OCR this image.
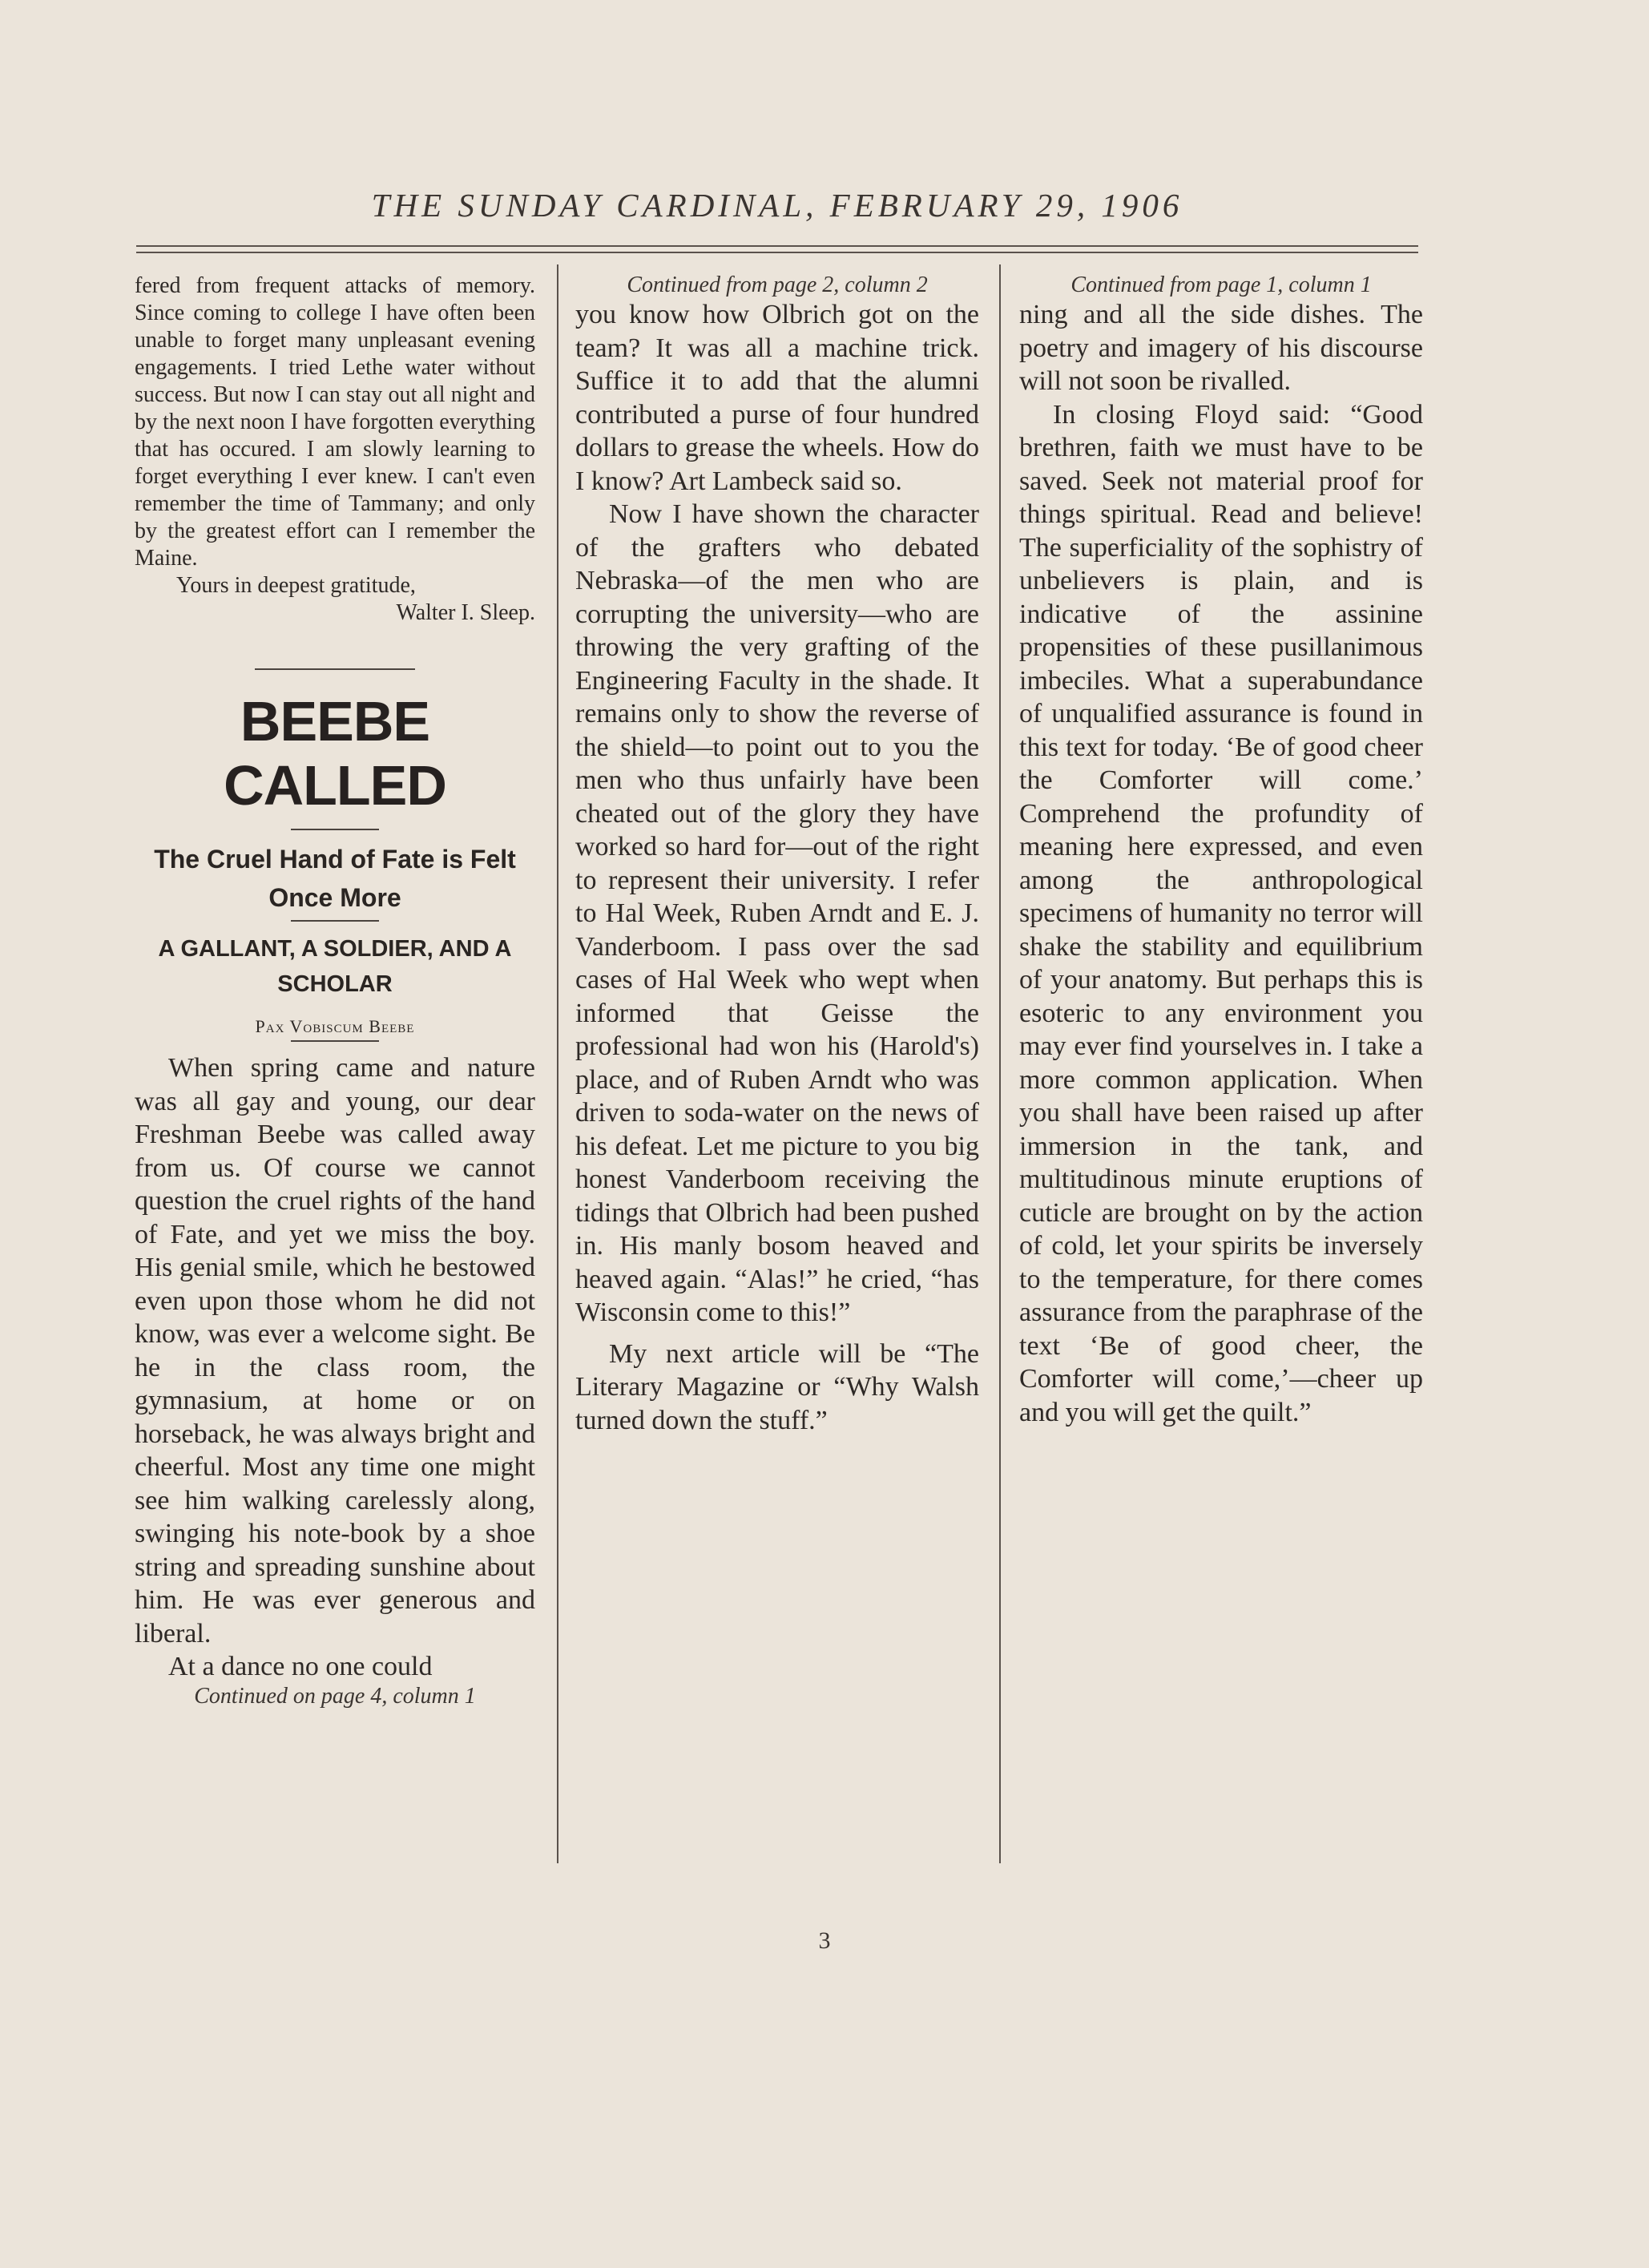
THE SUNDAY CARDINAL, FEBRUARY 29, 1906

fered from frequent attacks of memory. Since coming to college I have often been unable to forget many unpleasant evening engagements. I tried Lethe water without success. But now I can stay out all night and by the next noon I have forgotten everything that has occured. I am slowly learning to forget everything I ever knew. I can't even remember the time of Tammany; and only by the greatest effort can I remember the Maine.

Yours in deepest gratitude,

Walter I. Sleep.

BEEBE CALLED
The Cruel Hand of Fate is Felt Once More
A GALLANT, A SOLDIER, AND A SCHOLAR
Pax Vobiscum Beebe

When spring came and nature was all gay and young, our dear Freshman Beebe was called away from us. Of course we cannot question the cruel rights of the hand of Fate, and yet we miss the boy. His genial smile, which he bestowed even upon those whom he did not know, was ever a welcome sight. Be he in the class room, the gymnasium, at home or on horseback, he was always bright and cheerful. Most any time one might see him walking carelessly along, swinging his note-book by a shoe string and spreading sunshine about him. He was ever generous and liberal.

At a dance no one could

Continued on page 4, column 1

Continued from page 2, column 2

you know how Olbrich got on the team? It was all a machine trick. Suffice it to add that the alumni contributed a purse of four hundred dollars to grease the wheels. How do I know? Art Lambeck said so.

Now I have shown the character of the grafters who debated Nebraska—of the men who are corrupting the university—who are throwing the very grafting of the Engineering Faculty in the shade. It remains only to show the reverse of the shield—to point out to you the men who thus unfairly have been cheated out of the glory they have worked so hard for—out of the right to represent their university. I refer to Hal Week, Ruben Arndt and E. J. Vanderboom. I pass over the sad cases of Hal Week who wept when informed that Geisse the professional had won his (Harold's) place, and of Ruben Arndt who was driven to soda-water on the news of his defeat. Let me picture to you big honest Vanderboom receiving the tidings that Olbrich had been pushed in. His manly bosom heaved and heaved again. “Alas!” he cried, “has Wisconsin come to this!”

My next article will be “The Literary Magazine or “Why Walsh turned down the stuff.”

Continued from page 1, column 1

ning and all the side dishes. The poetry and imagery of his discourse will not soon be rivalled.

In closing Floyd said: “Good brethren, faith we must have to be saved. Seek not material proof for things spiritual. Read and believe! The superficiality of the sophistry of unbelievers is plain, and is indicative of the assinine propensities of these pusillanimous imbeciles. What a superabundance of unqualified assurance is found in this text for today. ‘Be of good cheer the Comforter will come.’ Comprehend the profundity of meaning here expressed, and even among the anthropological specimens of humanity no terror will shake the stability and equilibrium of your anatomy. But perhaps this is esoteric to any environment you may ever find yourselves in. I take a more common application. When you shall have been raised up after immersion in the tank, and multitudinous minute eruptions of cuticle are brought on by the action of cold, let your spirits be inversely to the temperature, for there comes assurance from the paraphrase of the text ‘Be of good cheer, the Comforter will come,’—cheer up and you will get the quilt.”

3
